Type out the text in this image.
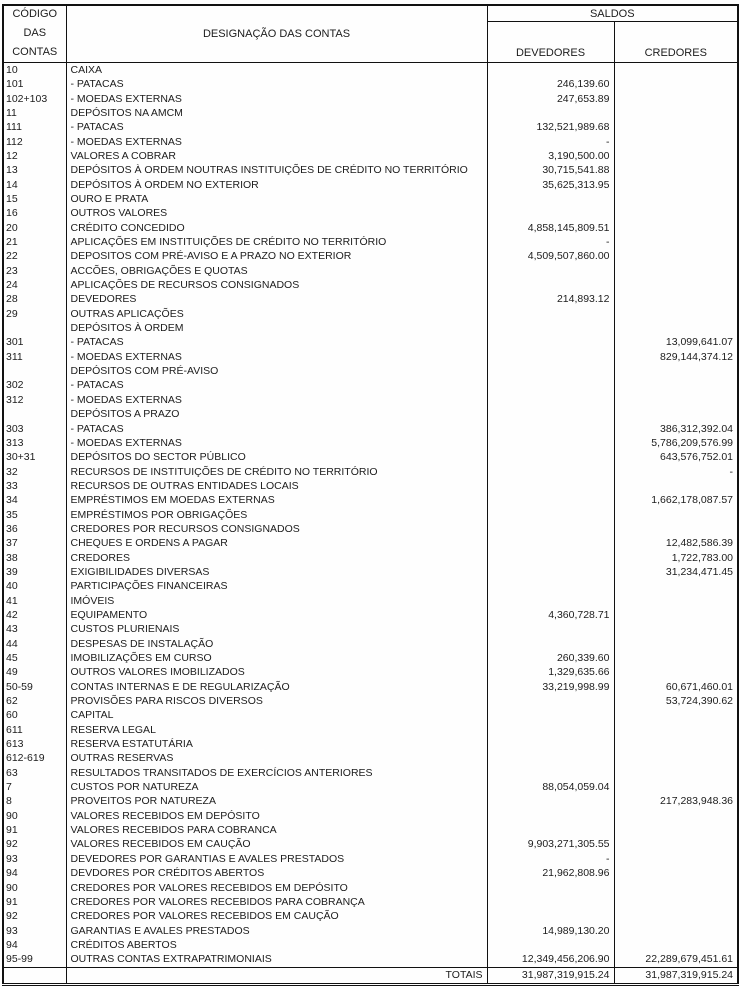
CÓDIGO
DAS
CONTAS	DESIGNAÇÃO DAS CONTAS	SALDOS	
		DEVEDORES	CREDORES
10	CAIXA		
101	- PATACAS	246,139.60	
102+103	- MOEDAS EXTERNAS	247,653.89	
11	DEPÓSITOS NA AMCM		
111	- PATACAS	132,521,989.68	
112	- MOEDAS EXTERNAS	-	
12	VALORES A COBRAR	3,190,500.00	
13	DEPÓSITOS À ORDEM NOUTRAS INSTITUIÇÕES DE CRÉDITO NO TERRITÓRIO	30,715,541.88	
14	DEPÓSITOS À ORDEM NO EXTERIOR	35,625,313.95	
15	OURO E PRATA		
16	OUTROS VALORES		
20	CRÉDITO CONCEDIDO	4,858,145,809.51	
21	APLICAÇÕES EM INSTITUIÇÕES DE CRÉDITO NO TERRITÓRIO	-	
22	DEPOSITOS COM PRÉ-AVISO E A PRAZO NO EXTERIOR	4,509,507,860.00	
23	ACCÕES, OBRIGAÇÕES E QUOTAS		
24	APLICAÇÕES DE RECURSOS CONSIGNADOS		
28	DEVEDORES	214,893.12	
29	OUTRAS APLICAÇÕES		
	DEPÓSITOS À ORDEM		
301	- PATACAS		13,099,641.07
311	- MOEDAS EXTERNAS		829,144,374.12
	DEPÓSITOS COM PRÉ-AVISO		
302	- PATACAS		
312	- MOEDAS EXTERNAS		
	DEPÓSITOS A PRAZO		
303	- PATACAS		386,312,392.04
313	- MOEDAS EXTERNAS		5,786,209,576.99
30+31	DEPÓSITOS DO SECTOR PÚBLICO		643,576,752.01
32	RECURSOS DE INSTITUIÇÕES DE CRÉDITO NO TERRITÓRIO		-
33	RECURSOS DE OUTRAS ENTIDADES LOCAIS		
34	EMPRÉSTIMOS EM MOEDAS EXTERNAS		1,662,178,087.57
35	EMPRÉSTIMOS POR OBRIGAÇÕES		
36	CREDORES POR RECURSOS CONSIGNADOS		
37	CHEQUES E ORDENS A PAGAR		12,482,586.39
38	CREDORES		1,722,783.00
39	EXIGIBILIDADES DIVERSAS		31,234,471.45
40	PARTICIPAÇÕES FINANCEIRAS		
41	IMÓVEIS		
42	EQUIPAMENTO	4,360,728.71	
43	CUSTOS PLURIENAIS		
44	DESPESAS DE INSTALAÇÃO		
45	IMOBILIZAÇÕES EM CURSO	260,339.60	
49	OUTROS VALORES IMOBILIZADOS	1,329,635.66	
50-59	CONTAS INTERNAS E DE REGULARIZAÇÃO	33,219,998.99	60,671,460.01
62	PROVISÕES PARA RISCOS DIVERSOS		53,724,390.62
60	CAPITAL		
611	RESERVA LEGAL		
613	RESERVA ESTATUTÁRIA		
612-619	OUTRAS RESERVAS		
63	RESULTADOS TRANSITADOS DE EXERCÍCIOS ANTERIORES		
7	CUSTOS POR NATUREZA	88,054,059.04	
8	PROVEITOS POR NATUREZA		217,283,948.36
90	VALORES RECEBIDOS EM DEPÓSITO		
91	VALORES RECEBIDOS PARA COBRANCA		
92	VALORES RECEBIDOS EM CAUÇÃO	9,903,271,305.55	
93	DEVEDORES POR GARANTIAS E AVALES PRESTADOS	-	
94	DEVDORES POR CRÉDITOS ABERTOS	21,962,808.96	
90	CREDORES POR VALORES RECEBIDOS EM DEPÓSITO		
91	CREDORES POR VALORES RECEBIDOS PARA COBRANÇA		
92	CREDORES POR VALORES RECEBIDOS EM CAUÇÃO		
93	GARANTIAS E AVALES PRESTADOS	14,989,130.20	
94	CRÉDITOS ABERTOS		
95-99	OUTRAS CONTAS EXTRAPATRIMONIAIS	12,349,456,206.90	22,289,679,451.61
	TOTAIS	31,987,319,915.24	31,987,319,915.24
